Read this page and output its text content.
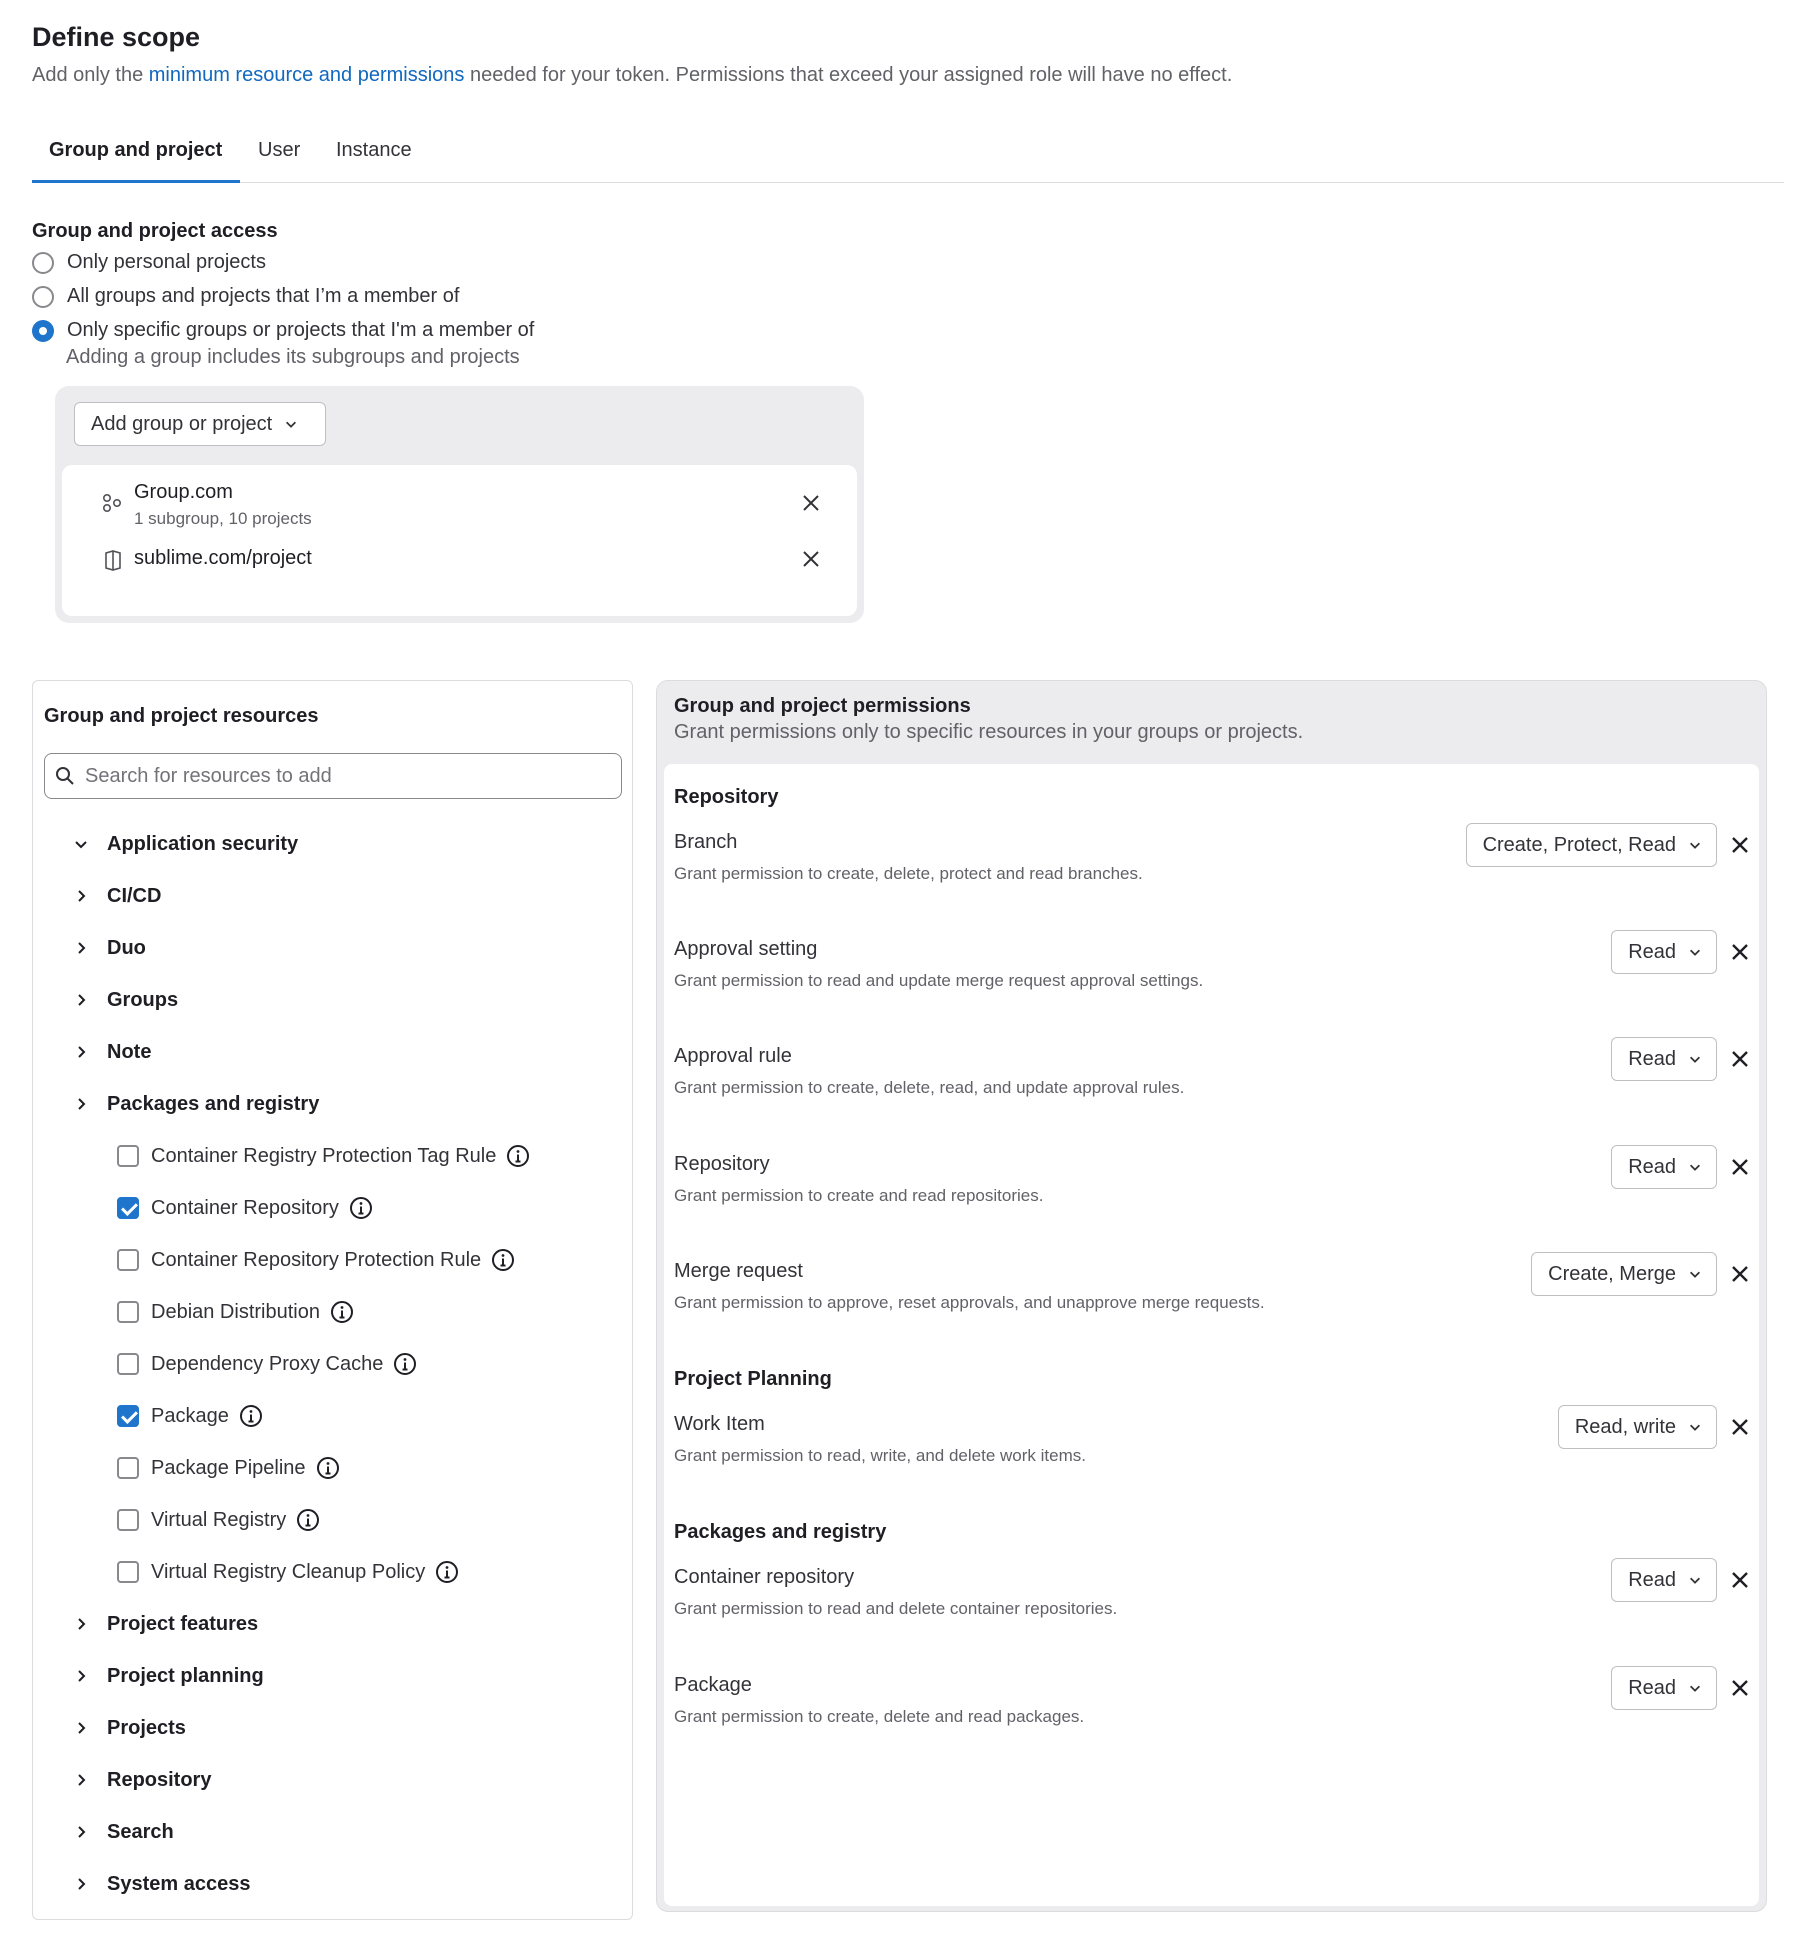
Define scope
Add only the minimum resource and permissions needed for your token. Permissions that exceed your assigned role will have no effect.
Group and project	User Instance
Group and project access
Only personal projects
All groups and projects that I’m a member of
Only specific groups or projects that I'm a member of
Adding a group includes its subgroups and projects
Add group or project
Group.com
1 subgroup, 10 projects
sublime.com/project
Group and project resources
Search for resources to add
Application security
CI/CD
Duo
Groups
Note
Packages and registry
Container Registry Protection Tag Rule
Container Repository
Container Repository Protection Rule
Debian Distribution
Dependency Proxy Cache
Package
Package Pipeline
Virtual Registry
Virtual Registry Cleanup Policy
Project features
Project planning
Projects
Repository
Search
System access
Group and project permissions
Grant permissions only to specific resources in your groups or projects.
Repository
Branch
Grant permission to create, delete, protect and read branches.
Create, Protect, Read
Approval setting
Grant permission to read and update merge request approval settings.
Read
Approval rule
Grant permission to create, delete, read, and update approval rules.
Read
Repository
Grant permission to create and read repositories.
Read
Merge request
Grant permission to approve, reset approvals, and unapprove merge requests.
Create, Merge
Project Planning
Work Item
Grant permission to read, write, and delete work items.
Read, write
Packages and registry
Container repository
Grant permission to read and delete container repositories.
Read
Package
Grant permission to create, delete and read packages.
Read
